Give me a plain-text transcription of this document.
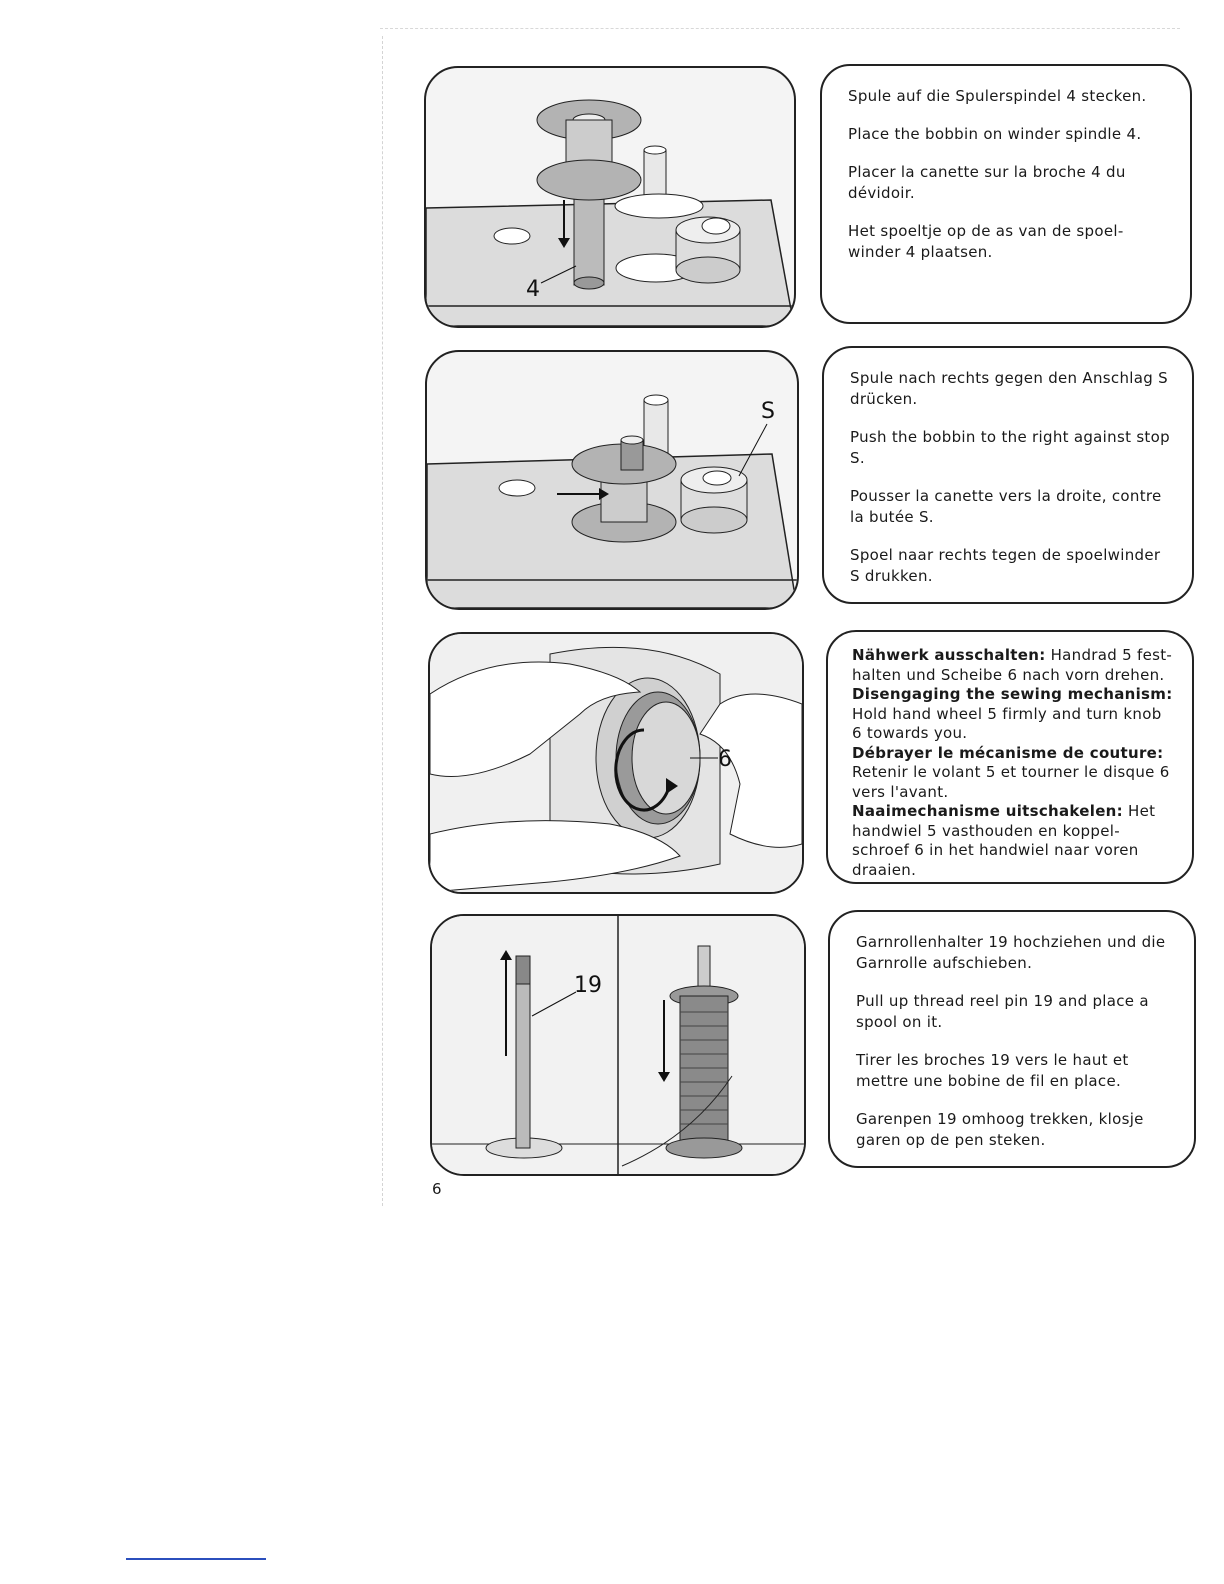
4

Spule auf die Spulerspindel 4 stecken.

Place the bobbin on winder spindle 4.

Placer la canette sur la broche 4 du dévidoir.

Het spoeltje op de as van de spoel-winder 4 plaatsen.

S

Spule nach rechts gegen den Anschlag S drücken.

Push the bobbin to the right against stop S.

Pousser la canette vers la droite, contre la butée S.

Spoel naar rechts tegen de spoelwinder S drukken.

6

Nähwerk ausschalten: Handrad 5 fest-halten und Scheibe 6 nach vorn drehen.

Disengaging the sewing mechanism: Hold hand wheel 5 firmly and turn knob 6 towards you.

Débrayer le mécanisme de couture: Retenir le volant 5 et tourner le disque 6 vers l'avant.

Naaimechanisme uitschakelen: Het handwiel 5 vasthouden en koppel-schroef 6 in het handwiel naar voren draaien.

19

Garnrollenhalter 19 hochziehen und die Garnrolle aufschieben.

Pull up thread reel pin 19 and place a spool on it.

Tirer les broches 19 vers le haut et mettre une bobine de fil en place.

Garenpen 19 omhoog trekken, klosje garen op de pen steken.

6
